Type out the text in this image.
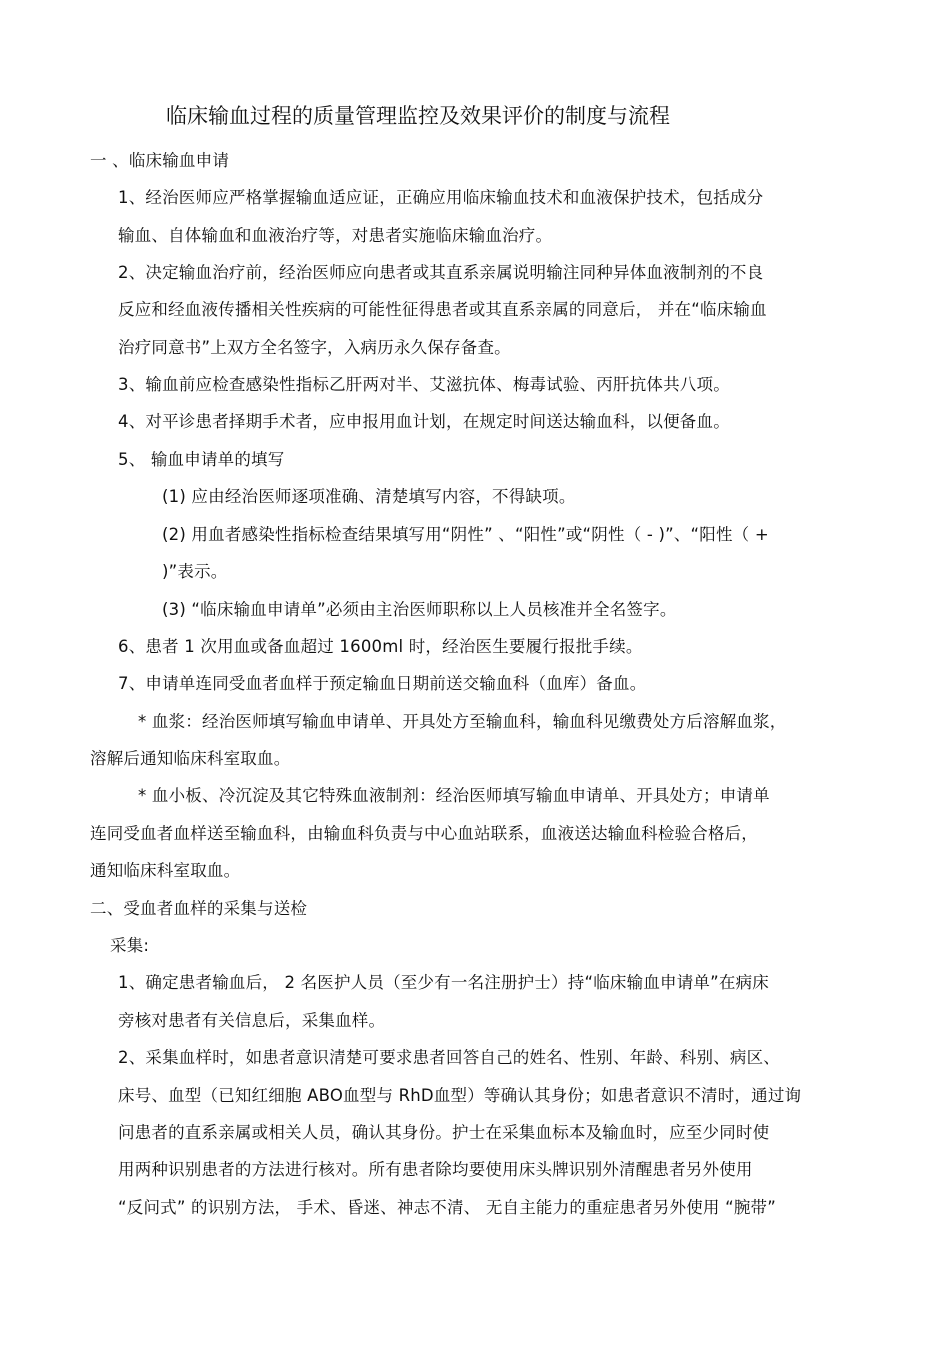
临床输血过程的质量管理监控及效果评价的制度与流程
一 、临床输血申请
1、经治医师应严格掌握输血适应证，正确应用临床输血技术和血液保护技术，包括成分
输血、自体输血和血液治疗等，对患者实施临床输血治疗。
2、决定输血治疗前，经治医师应向患者或其直系亲属说明输注同种异体血液制剂的不良
反应和经血液传播相关性疾病的可能性征得患者或其直系亲属的同意后， 并在“临床输血
治疗同意书”上双方全名签字，入病历永久保存备查。
3、输血前应检查感染性指标乙肝两对半、艾滋抗体、梅毒试验、丙肝抗体共八项。
4、对平诊患者择期手术者，应申报用血计划，在规定时间送达输血科，以便备血。
5、 输血申请单的填写
(1) 应由经治医师逐项准确、清楚填写内容，不得缺项。
(2) 用血者感染性指标检查结果填写用“阴性” 、“阳性”或“阴性（ - )”、“阳性（ +
)”表示。
(3) “临床输血申请单”必须由主治医师职称以上人员核准并全名签字。
6、患者 1 次用血或备血超过 1600ml 时，经治医生要履行报批手续。
7、申请单连同受血者血样于预定输血日期前送交输血科（血库）备血。
* 血浆：经治医师填写输血申请单、开具处方至输血科，输血科见缴费处方后溶解血浆，
溶解后通知临床科室取血。
* 血小板、冷沉淀及其它特殊血液制剂：经治医师填写输血申请单、开具处方；申请单
连同受血者血样送至输血科，由输血科负责与中心血站联系，血液送达输血科检验合格后，
通知临床科室取血。
二、受血者血样的采集与送检
采集:
1、确定患者输血后， 2 名医护人员（至少有一名注册护士）持“临床输血申请单”在病床
旁核对患者有关信息后，采集血样。
2、采集血样时，如患者意识清楚可要求患者回答自己的姓名、性别、年龄、科别、病区、
床号、血型（已知红细胞 ABO血型与 RhD血型）等确认其身份；如患者意识不清时，通过询
问患者的直系亲属或相关人员，确认其身份。护士在采集血标本及输血时，应至少同时使
用两种识别患者的方法进行核对。所有患者除均要使用床头牌识别外清醒患者另外使用
“反问式” 的识别方法， 手术、昏迷、神志不清、 无自主能力的重症患者另外使用 “腕带”
